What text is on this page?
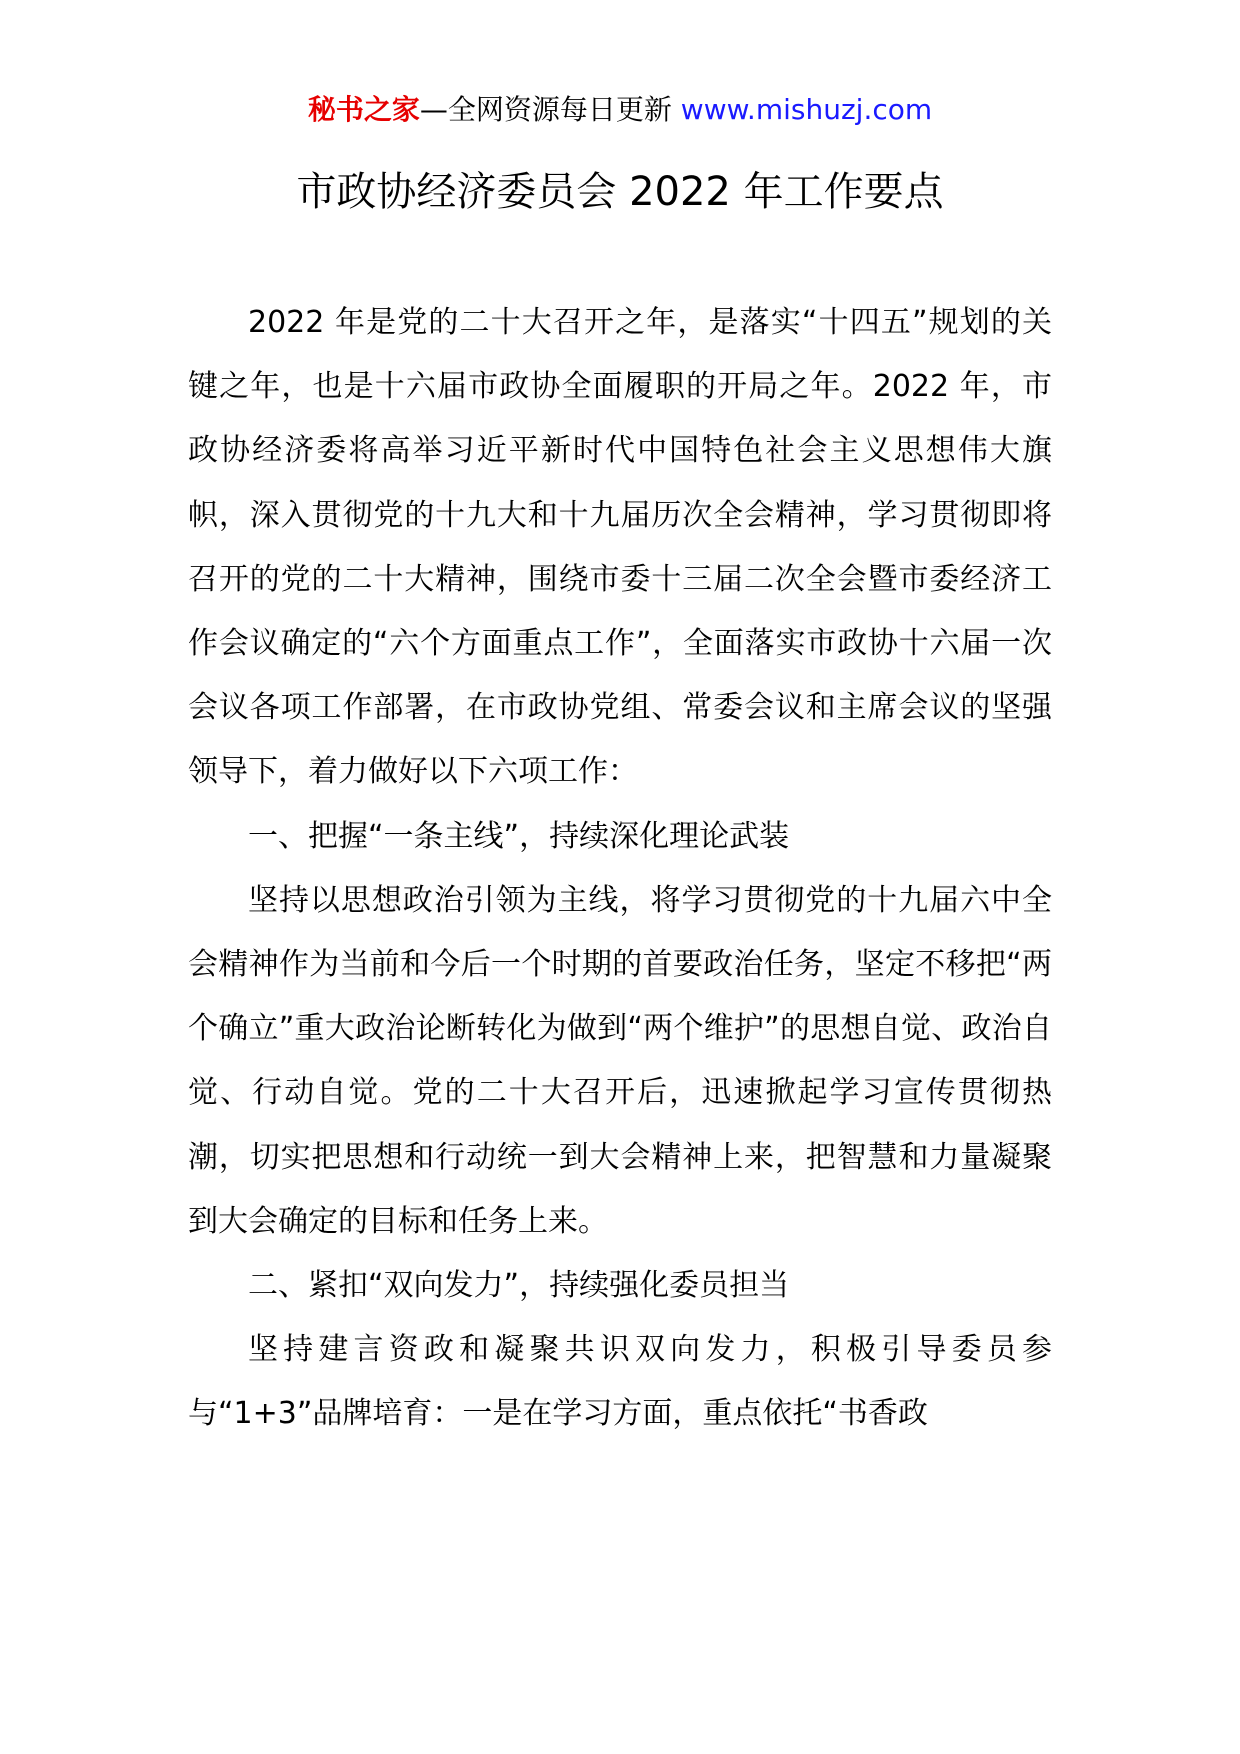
秘书之家—全网资源每日更新 www.mishuzj.com
市政协经济委员会 2022 年工作要点

2022 年是党的二十大召开之年，是落实“十四五”规划的关键之年，也是十六届市政协全面履职的开局之年。2022 年，市政协经济委将高举习近平新时代中国特色社会主义思想伟大旗帜，深入贯彻党的十九大和十九届历次全会精神，学习贯彻即将召开的党的二十大精神，围绕市委十三届二次全会暨市委经济工作会议确定的“六个方面重点工作”，全面落实市政协十六届一次会议各项工作部署，在市政协党组、常委会议和主席会议的坚强领导下，着力做好以下六项工作：

一、把握“一条主线”，持续深化理论武装

坚持以思想政治引领为主线，将学习贯彻党的十九届六中全会精神作为当前和今后一个时期的首要政治任务，坚定不移把“两个确立”重大政治论断转化为做到“两个维护”的思想自觉、政治自觉、行动自觉。党的二十大召开后，迅速掀起学习宣传贯彻热潮，切实把思想和行动统一到大会精神上来，把智慧和力量凝聚到大会确定的目标和任务上来。

二、紧扣“双向发力”，持续强化委员担当

坚持建言资政和凝聚共识双向发力，积极引导委员参与“1+3”品牌培育：一是在学习方面，重点依托“书香政
